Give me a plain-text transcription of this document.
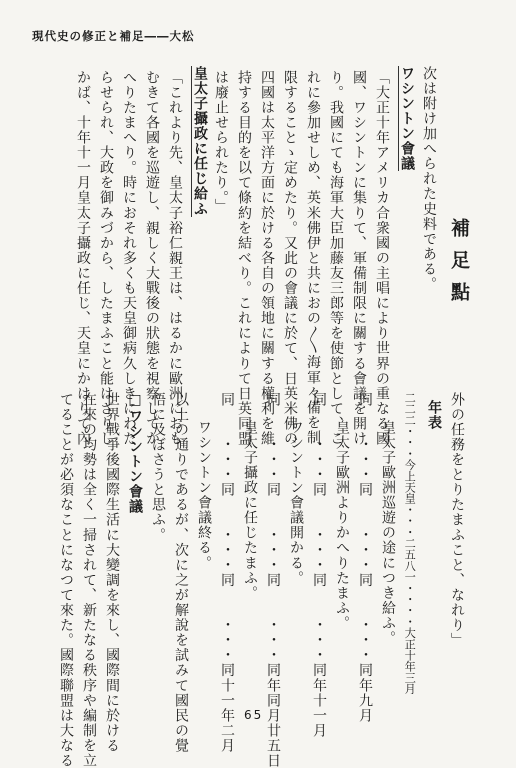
現代史の修正と補足――大松
補足點
次は附け加へられた史料である。
ワシントン會議
「大正十年アメリカ合衆國の主唱により世界の重なる國
國、ワシントンに集りて、軍備制限に關する會議を開け
り。我國にても海軍大臣加藤友三郎等を使節として、こ
れに參加せしめ、英米佛伊と共におの〳〵海軍々備を制
限することゝ定めたり。又此の會議に於て、日英米佛の
四國は太平洋方面に於ける各自の領地に關する權利を維
持する目的を以て條約を結べり。これによりて日英同盟
は廢止せられたり。」
皇太子攝政に任じ給ふ
「これより先、皇太子裕仁親王は、はるかに歐洲におも
むきて各國を巡遊し、親しく大戰後の狀態を視察してか
へりたまへり。時におそれ多くも天皇御病久しきにわた
らせられ、大政を御みづから、したまふこと能はざりし
かば、十年十一月皇太子攝政に任じ、天皇にかはりて內
外の任務をとりたまふこと、なれり」
年表
二二二・・・今上天皇・・・二五八一・・・・大正十年三月
皇太子歐洲巡遊の途につき給ふ。
同　　・・・同　　・・・同　　・・・同年九月
皇太子歐洲よりかへりたまふ。
同　　・・・同　　・・・同　　・・・同年十一月
ワシントン會議開かる。
同　　・・・同　　・・・同　　・・・同年同月廿五日
皇太子攝政に任じたまふ。
同　　・・・同　　・・・同　　・・・同十一年二月
ワシントン會議終る。
以上の通りであるが、次に之が解說を試みて國民の覺
悟に及ぼさうと思ふ。
□ワシントン會議
世界戰爭後國際生活に大變調を來し、國際間に於ける
在來の均勢は全く一掃されて、新たなる秩序や編制を立
てることが必須なことになつて來た。國際聯盟は大なる	65
